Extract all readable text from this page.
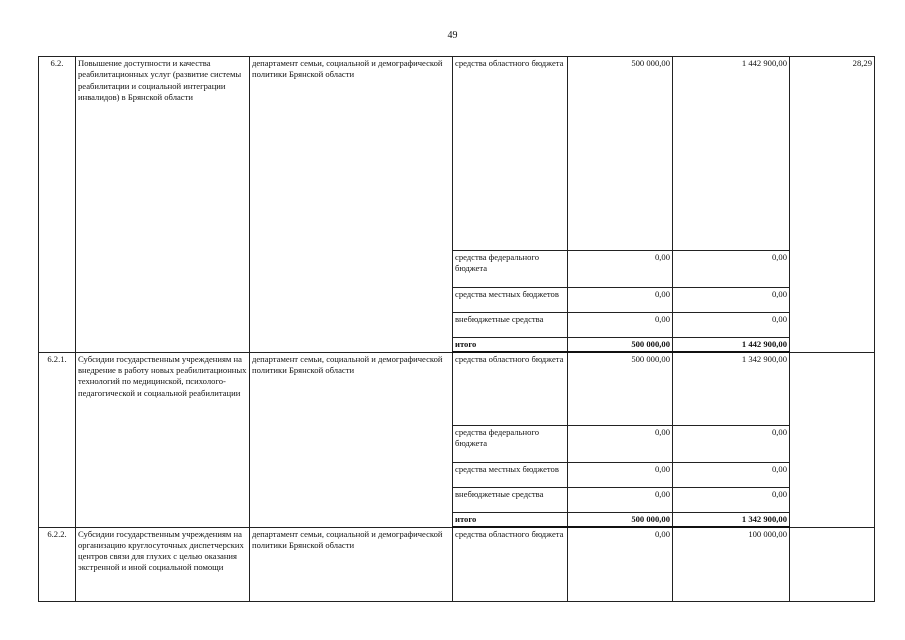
49
6.2.	Повышение доступности и качества реабилитационных услуг (развитие системы реабилитации и социальной интеграции инвалидов) в Брянской области	департамент семьи, социальной и демографической политики Брянской области	средства областного бюджета	500 000,00	1 442 900,00	28,29
			средства федерального бюджета	0,00	0,00	
			средства местных бюджетов	0,00	0,00	
			внебюджетные средства	0,00	0,00	
			итого	500 000,00	1 442 900,00	
6.2.1.	Субсидии государственным учреждениям на внедрение в работу новых реабилитационных технологий по медицинской, психолого-педагогической и социальной реабилитации	департамент семьи, социальной и демографической политики Брянской области	средства областного бюджета	500 000,00	1 342 900,00	
			средства федерального бюджета	0,00	0,00	
			средства местных бюджетов	0,00	0,00	
			внебюджетные средства	0,00	0,00	
			итого	500 000,00	1 342 900,00	
6.2.2.	Субсидии государственным учреждениям на организацию круглосуточных диспетчерских центров связи для глухих с целью оказания экстренной и иной социальной помощи	департамент семьи, социальной и демографической политики Брянской области	средства областного бюджета	0,00	100 000,00	
